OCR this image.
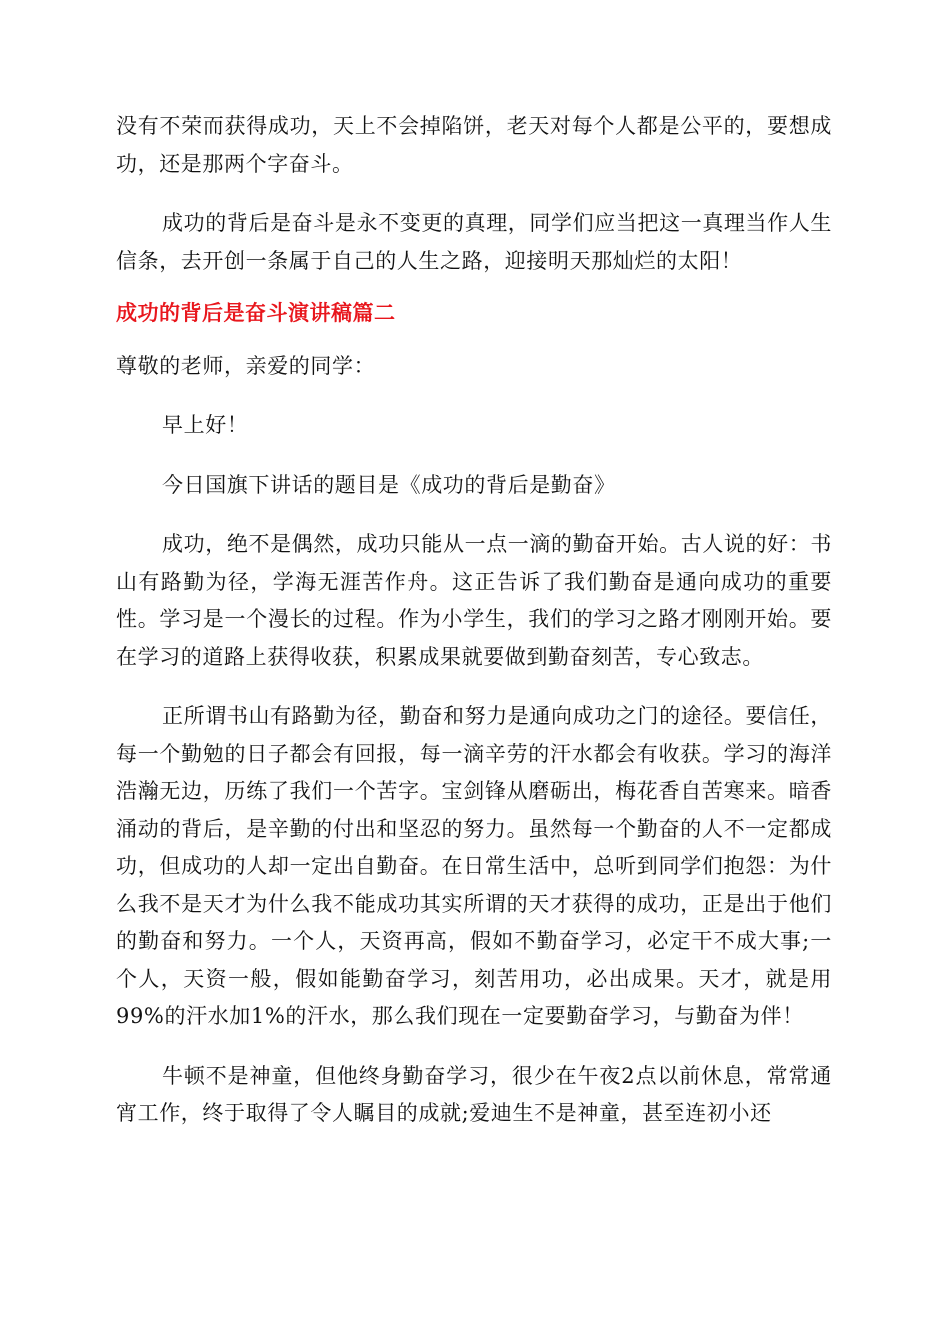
没有不荣而获得成功，天上不会掉陷饼，老天对每个人都是公平的，要想成功，还是那两个字奋斗。

成功的背后是奋斗是永不变更的真理，同学们应当把这一真理当作人生信条，去开创一条属于自己的人生之路，迎接明天那灿烂的太阳！

成功的背后是奋斗演讲稿篇二

尊敬的老师，亲爱的同学：

早上好！

今日国旗下讲话的题目是《成功的背后是勤奋》

成功，绝不是偶然，成功只能从一点一滴的勤奋开始。古人说的好：书山有路勤为径，学海无涯苦作舟。这正告诉了我们勤奋是通向成功的重要性。学习是一个漫长的过程。作为小学生，我们的学习之路才刚刚开始。要在学习的道路上获得收获，积累成果就要做到勤奋刻苦，专心致志。

正所谓书山有路勤为径，勤奋和努力是通向成功之门的途径。要信任，每一个勤勉的日子都会有回报，每一滴辛劳的汗水都会有收获。学习的海洋浩瀚无边，历练了我们一个苦字。宝剑锋从磨砺出，梅花香自苦寒来。暗香涌动的背后，是辛勤的付出和坚忍的努力。虽然每一个勤奋的人不一定都成功，但成功的人却一定出自勤奋。在日常生活中，总听到同学们抱怨：为什么我不是天才为什么我不能成功其实所谓的天才获得的成功，正是出于他们的勤奋和努力。一个人，天资再高，假如不勤奋学习，必定干不成大事;一个人，天资一般，假如能勤奋学习，刻苦用功，必出成果。天才，就是用99%的汗水加1%的汗水，那么我们现在一定要勤奋学习，与勤奋为伴！

牛顿不是神童，但他终身勤奋学习，很少在午夜2点以前休息，常常通宵工作，终于取得了令人瞩目的成就;爱迪生不是神童，甚至连初小还
